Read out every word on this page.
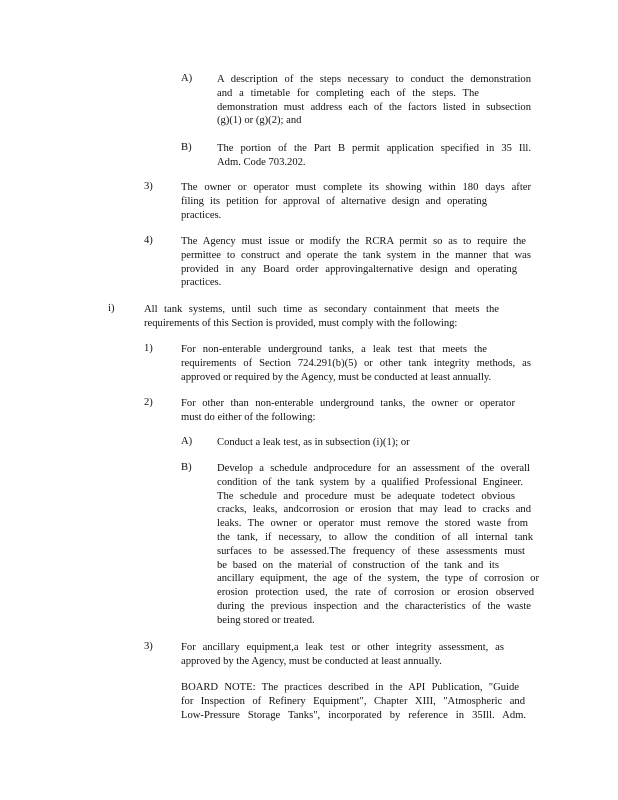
A) A description of the steps necessary to conduct the demonstration
and a timetable for completing each of the steps. The
demonstration must address each of the factors listed in subsection
(g)(1) or (g)(2); and
B) The portion of the Part B permit application specified in 35 Ill.
Adm. Code 703.202.
3)	The owner or operator must complete its showing within 180 days after
filing its petition for approval of alternative design and operating
practices.
4)	The Agency must issue or modify the RCRA permit so as to require the
permittee to construct and operate the tank system in the manner that was
provided in any Board order approvingalternative design and operating
practices.
i)	All tank systems, until such time as secondary containment that meets the
requirements of this Section is provided, must comply with the following:
1)	For non-enterable underground tanks, a leak test that meets the
requirements of Section 724.291(b)(5) or other tank integrity methods, as
approved or required by the Agency, must be conducted at least annually.
2)	For other than non-enterable underground tanks, the owner or operator
must do either of the following:
A) Conduct a leak test, as in subsection (i)(1); or
B) Develop a schedule andprocedure for an assessment of the overall
condition of the tank system by a qualified Professional Engineer.
The schedule and procedure must be adequate todetect obvious
cracks, leaks, andcorrosion or erosion that may lead to cracks and
leaks. The owner or operator must remove the stored waste from
the tank, if necessary, to allow the condition of all internal tank
surfaces to be assessed.The frequency of these assessments must
be based on the material of construction of the tank and its
ancillary equipment, the age of the system, the type of corrosion or
erosion protection used, the rate of corrosion or erosion observed
during the previous inspection and the characteristics of the waste
being stored or treated.
3)	For ancillary equipment,a leak test or other integrity assessment, as
approved by the Agency, must be conducted at least annually.
BOARD NOTE: The practices described in the API Publication, "Guide
for Inspection of Refinery Equipment", Chapter XIII, "Atmospheric and
Low-Pressure Storage Tanks", incorporated by reference in 35Ill. Adm.
